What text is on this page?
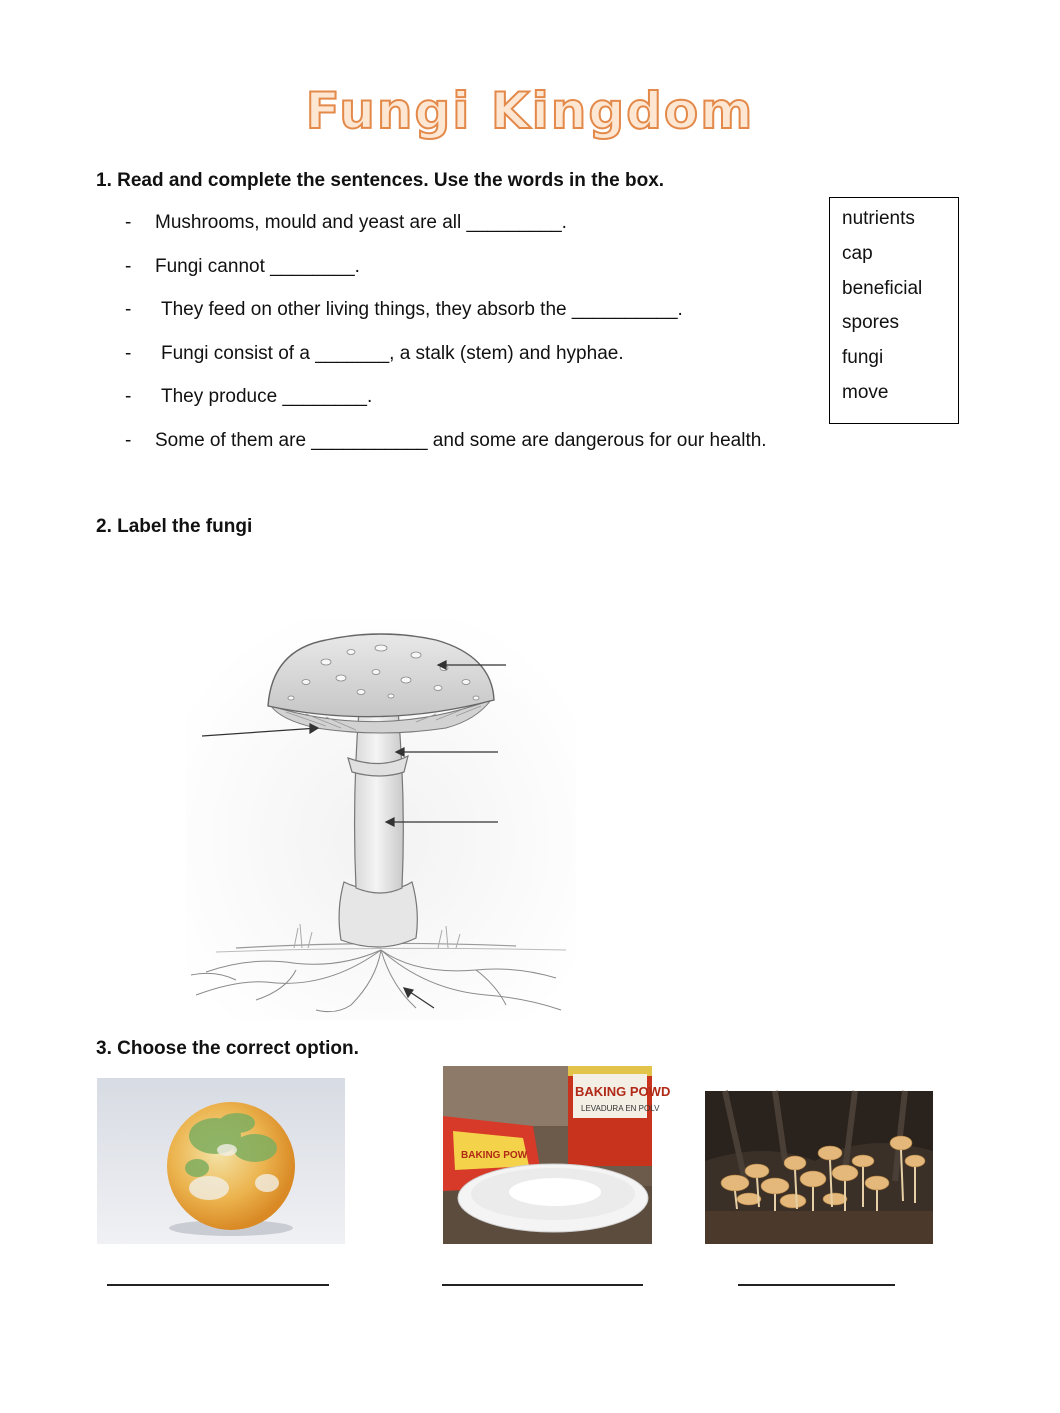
Fungi Kingdom
1. Read and complete the sentences. Use the words in the box.
- Mushrooms, mould and yeast are all _________.
- Fungi cannot ________.
- They feed on other living things, they absorb the __________.
- Fungi consist of a _______, a stalk (stem) and hyphae.
- They produce ________.
- Some of them are ___________ and some are dangerous for our health.
nutrients
cap
beneficial
spores
fungi
move
2. Label the fungi
3. Choose the correct option.
BAKING POWD
LEVADURA EN POLV
BAKING POW
